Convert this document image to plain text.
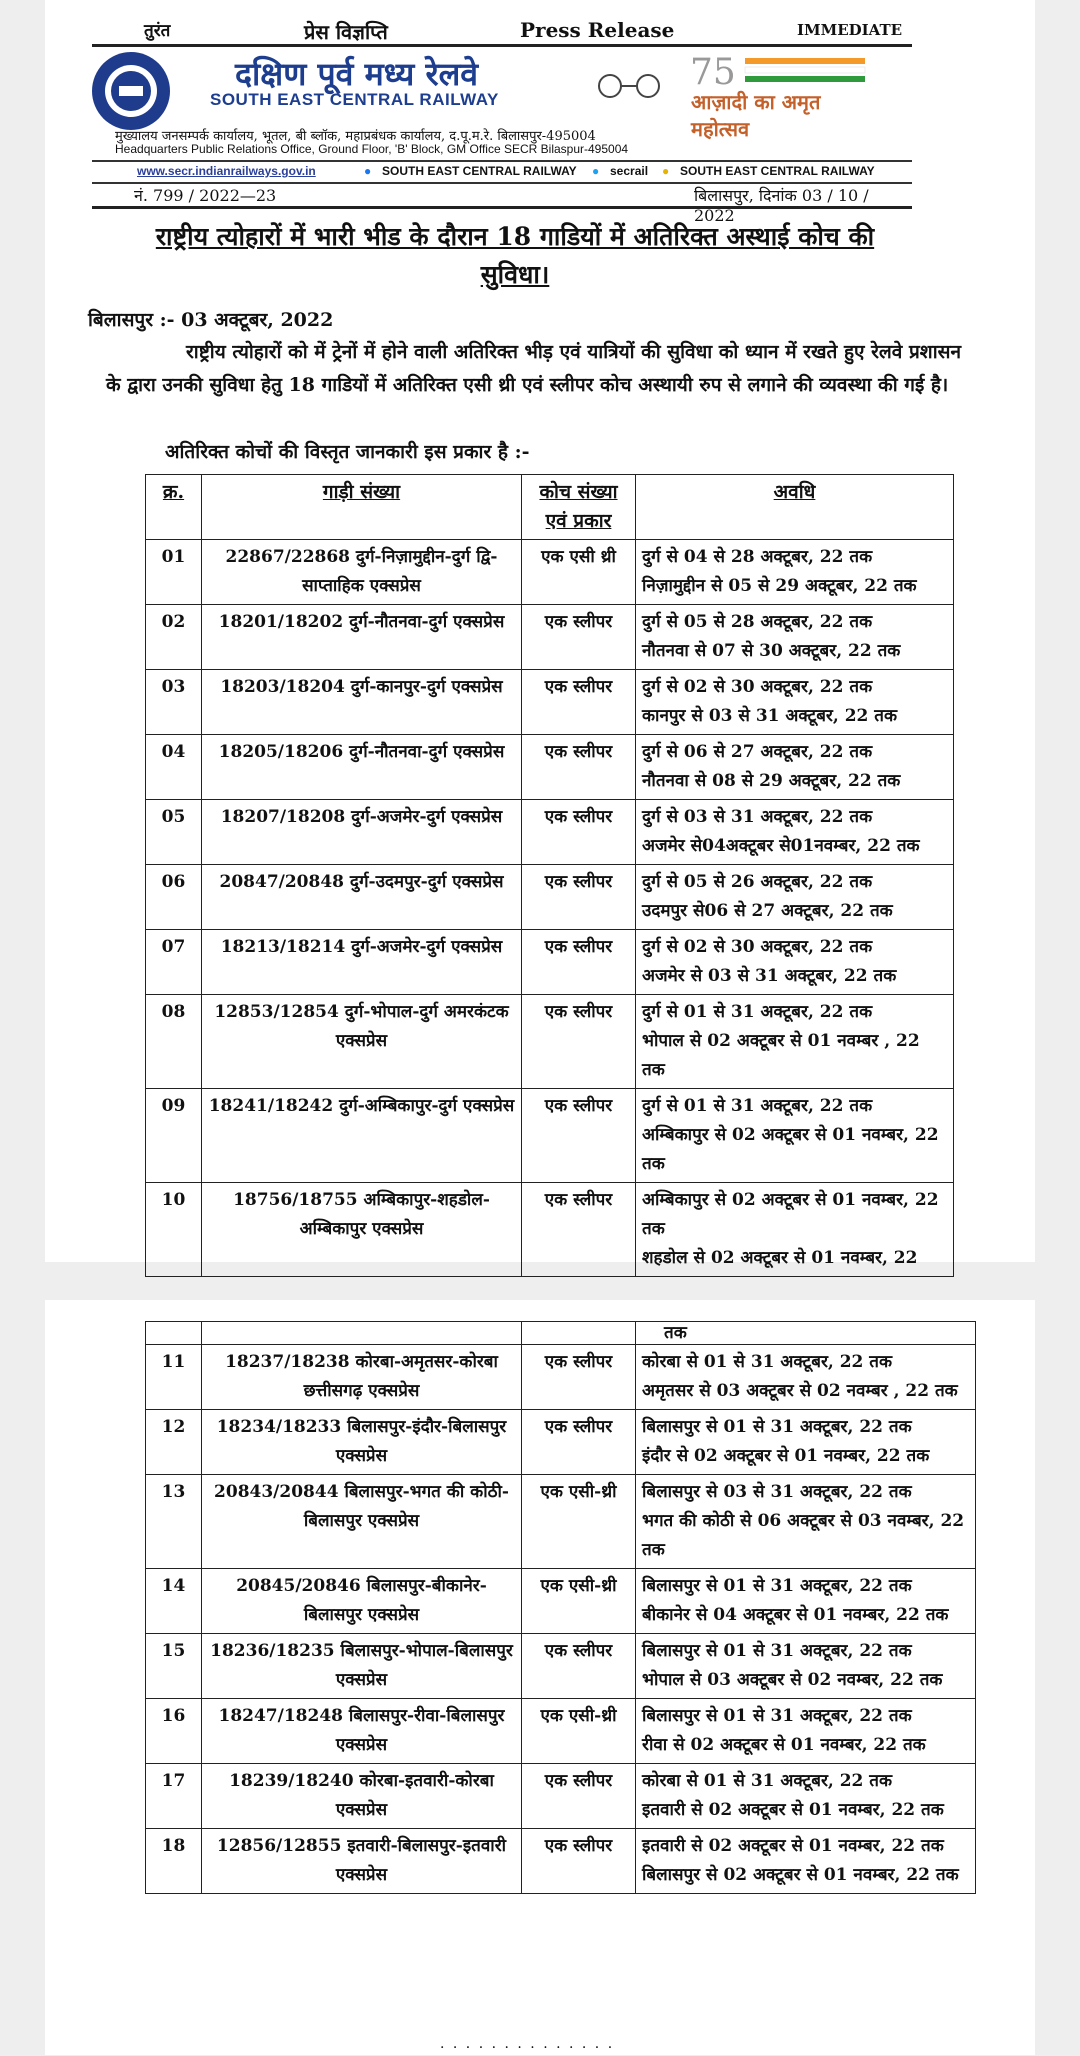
तुरंत	प्रेस विज्ञप्ति	Press Release	IMMEDIATE
दक्षिण पूर्व मध्य रेलवे
SOUTH EAST CENTRAL RAILWAY
75
आज़ादी का अमृत महोत्सव
मुख्यालय जनसम्पर्क कार्यालय, भूतल, बी ब्लॉक, महाप्रबंधक कार्यालय, द.पू.म.रे. बिलासपुर-495004
Headquarters Public Relations Office, Ground Floor, 'B' Block, GM Office SECR Bilaspur-495004
www.secr.indianrailways.gov.in	● SOUTH EAST CENTRAL RAILWAY ● secrail ● SOUTH EAST CENTRAL RAILWAY
नं. 799 / 2022—23	बिलासपुर, दिनांक 03 / 10 / 2022
राष्ट्रीय त्योहारों में भारी भीड के दौरान 18 गाडियों में अतिरिक्त अस्थाई कोच की सुविधा।
बिलासपुर :- 03 अक्टूबर, 2022
राष्ट्रीय त्योहारों को में ट्रेनों में होने वाली अतिरिक्त भीड़ एवं यात्रियों की सुविधा को ध्यान में रखते हुए रेलवे प्रशासन के द्वारा उनकी सुविधा हेतु 18 गाडियों में अतिरिक्त एसी थ्री एवं स्लीपर कोच अस्थायी रुप से लगाने की व्यवस्था की गई है।
अतिरिक्त कोचों की विस्तृत जानकारी इस प्रकार है :-
क्र.	गाड़ी संख्या	कोच संख्या एवं प्रकार	अवधि
01	22867/22868 दुर्ग-निज़ामुद्दीन-दुर्ग द्वि-साप्ताहिक एक्सप्रेस	एक एसी थ्री	दुर्ग से 04 से 28 अक्टूबर, 22 तक
निज़ामुद्दीन से 05 से 29 अक्टूबर, 22 तक

02	18201/18202 दुर्ग-नौतनवा-दुर्ग एक्सप्रेस	एक स्लीपर	दुर्ग से 05 से 28 अक्टूबर, 22 तक
नौतनवा से 07 से 30 अक्टूबर, 22 तक

03	18203/18204 दुर्ग-कानपुर-दुर्ग एक्सप्रेस	एक स्लीपर	दुर्ग से 02 से 30 अक्टूबर, 22 तक
कानपुर से 03 से 31 अक्टूबर, 22 तक

04	18205/18206 दुर्ग-नौतनवा-दुर्ग एक्सप्रेस	एक स्लीपर	दुर्ग से 06 से 27 अक्टूबर, 22 तक
नौतनवा से 08 से 29 अक्टूबर, 22 तक

05	18207/18208 दुर्ग-अजमेर-दुर्ग एक्सप्रेस	एक स्लीपर	दुर्ग से 03 से 31 अक्टूबर, 22 तक
अजमेर से04अक्टूबर से01नवम्बर, 22 तक

06	20847/20848 दुर्ग-उदमपुर-दुर्ग एक्सप्रेस	एक स्लीपर	दुर्ग से 05 से 26 अक्टूबर, 22 तक
उदमपुर से06 से 27 अक्टूबर, 22 तक

07	18213/18214 दुर्ग-अजमेर-दुर्ग एक्सप्रेस	एक स्लीपर	दुर्ग से 02 से 30 अक्टूबर, 22 तक
अजमेर से 03 से 31 अक्टूबर, 22 तक

08	12853/12854 दुर्ग-भोपाल-दुर्ग अमरकंटक एक्सप्रेस	एक स्लीपर	दुर्ग से 01 से 31 अक्टूबर, 22 तक
भोपाल से 02 अक्टूबर से 01 नवम्बर , 22 तक

09	18241/18242 दुर्ग-अम्बिकापुर-दुर्ग एक्सप्रेस	एक स्लीपर	दुर्ग से 01 से 31 अक्टूबर, 22 तक
अम्बिकापुर से 02 अक्टूबर से 01 नवम्बर, 22 तक

10	18756/18755 अम्बिकापुर-शहडोल-अम्बिकापुर एक्सप्रेस	एक स्लीपर	अम्बिकापुर से 02 अक्टूबर से 01 नवम्बर, 22 तक
शहडोल से 02 अक्टूबर से 01 नवम्बर, 22
			तक
11	18237/18238 कोरबा-अमृतसर-कोरबा छत्तीसगढ़ एक्सप्रेस	एक स्लीपर	कोरबा से 01 से 31 अक्टूबर, 22 तक
अमृतसर से 03 अक्टूबर से 02 नवम्बर , 22 तक

12	18234/18233 बिलासपुर-इंदौर-बिलासपुर एक्सप्रेस	एक स्लीपर	बिलासपुर से 01 से 31 अक्टूबर, 22 तक
इंदौर से 02 अक्टूबर से 01 नवम्बर, 22 तक

13	20843/20844 बिलासपुर-भगत की कोठी-बिलासपुर एक्सप्रेस	एक एसी-थ्री	बिलासपुर से 03 से 31 अक्टूबर, 22 तक
भगत की कोठी से 06 अक्टूबर से 03 नवम्बर, 22 तक

14	20845/20846 बिलासपुर-बीकानेर-बिलासपुर एक्सप्रेस	एक एसी-थ्री	बिलासपुर से 01 से 31 अक्टूबर, 22 तक
बीकानेर से 04 अक्टूबर से 01 नवम्बर, 22 तक

15	18236/18235 बिलासपुर-भोपाल-बिलासपुर एक्सप्रेस	एक स्लीपर	बिलासपुर से 01 से 31 अक्टूबर, 22 तक
भोपाल से 03 अक्टूबर से 02 नवम्बर, 22 तक

16	18247/18248 बिलासपुर-रीवा-बिलासपुर एक्सप्रेस	एक एसी-थ्री	बिलासपुर से 01 से 31 अक्टूबर, 22 तक
रीवा से 02 अक्टूबर से 01 नवम्बर, 22 तक

17	18239/18240 कोरबा-इतवारी-कोरबा एक्सप्रेस	एक स्लीपर	कोरबा से 01 से 31 अक्टूबर, 22 तक
इतवारी से 02 अक्टूबर से 01 नवम्बर, 22 तक

18	12856/12855 इतवारी-बिलासपुर-इतवारी एक्सप्रेस	एक स्लीपर	इतवारी से 02 अक्टूबर से 01 नवम्बर, 22 तक
बिलासपुर से 02 अक्टूबर से 01 नवम्बर, 22 तक
· · · · · · · · · · · · · ·
